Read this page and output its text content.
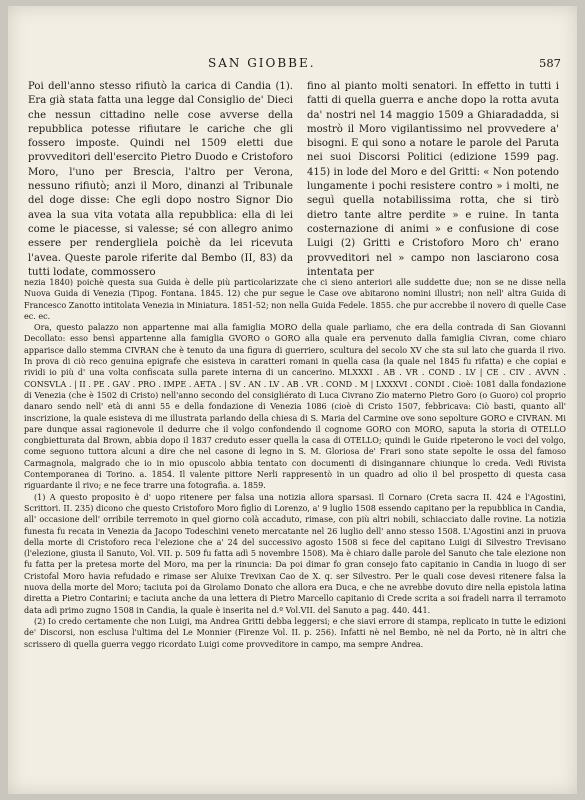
SAN GIOBBE.	587

Poi dell'anno stesso rifiutò la carica di Candia (1). Era già stata fatta una legge dal Consiglio de' Dieci che nessun cittadino nelle cose avverse della repubblica potesse rifiutare le cariche che gli fossero imposte. Quindi nel 1509 eletti due provveditori dell'esercito Pietro Duodo e Cristoforo Moro, l'uno per Brescia, l'altro per Verona, nessuno rifiutò; anzi il Moro, dinanzi al Tribunale del doge disse: Che egli dopo nostro Signor Dio avea la sua vita votata alla repubblica: ella di lei come le piacesse, si valesse; sé con allegro animo essere per rendergliela poichè da lei ricevuta l'avea. Queste parole riferite dal Bembo (II, 83) da tutti lodate, commossero

fino al pianto molti senatori. In effetto in tutti i fatti di quella guerra e anche dopo la rotta avuta da' nostri nel 14 maggio 1509 a Ghiaradadda, si mostrò il Moro vigilantissimo nel provvedere a' bisogni. E qui sono a notare le parole del Paruta nei suoi Discorsi Politici (edizione 1599 pag. 415) in lode del Moro e del Gritti: « Non potendo lungamente i pochi resistere contro » i molti, ne seguì quella notabilissima rotta, che si tirò dietro tante altre perdite » e ruine. In tanta costernazione di animi » e confusione di cose Luigi (2) Gritti e Cristoforo Moro ch' erano provveditori nel » campo non lasciarono cosa intentata per

nezia 1840) poichè questa sua Guida è delle più particolarizzate che ci sieno anteriori alle suddette due; non se ne disse nella Nuova Guida di Venezia (Tipog. Fontana. 1845. 12) che pur segue le Case ove abitarono nomini illustri; non nell' altra Guida di Francesco Zanotto intitolata Venezia in Miniatura. 1851-52; non nella Guida Fedele. 1855. che pur accrebbe il novero di quelle Case ec. ec.

Ora, questo palazzo non appartenne mai alla famiglia MORO della quale parliamo, che era della contrada di San Giovanni Decollato: esso bensì appartenne alla famiglia GVORO o GORO alla quale era pervenuto dalla famiglia Civran, come chiaro apparisce dallo stemma CIVRAN che è tenuto da una figura di guerriero, scultura del secolo XV che sta sul lato che guarda il rivo. In prova di ciò reco genuina epigrafe che esisteva in caratteri romani in quella casa (la quale nel 1845 fu rifatta) e che copiai e rividi io più d' una volta confiscata sulla parete interna di un cancerino. MLXXXI . AB . VR . COND . LV | CE . CIV . AVVN . CONSVLA . | II . PE . GAV . PRO . IMPE . AETA . | SV . AN . LV . AB . VR . COND . M | LXXXVI . CONDI . Cioè: 1081 dalla fondazione di Venezia (che è 1502 di Cristo) nell'anno secondo del consigliérato di Luca Civrano Zio materno Pietro Goro (o Guoro) col proprio danaro sendo nell' età di anni 55 e della fondazione di Venezia 1086 (cioè di Cristo 1507, febbricava: Ciò basti, quanto all' inscrizione, la quale esisteva di me illustrata parlando della chiesa di S. Maria del Carmine ove sono sepolture GORO e CIVRAN. Mi pare dunque assai ragionevole il dedurre che il volgo confondendo il cognome GORO con MORO, saputa la storia di OTELLO congbietturata dal Brown, abbia dopo il 1837 creduto esser quella la casa di OTELLO; quindi le Guide ripeterono le voci del volgo, come seguono tuttora alcuni a dire che nel casone di legno in S. M. Gloriosa de' Frari sono state sepolte le ossa del famoso Carmagnola, malgrado che io in mio opuscolo abbia tentato con documenti di disingannare chiunque lo creda. Vedi Rivista Contemporanea di Torino. a. 1854. Il valente pittore Nerli rappresentò in un quadro ad olio il bel prospetto di questa casa riguardante il rivo; e ne fece trarre una fotografia. a. 1859.

(1) A questo proposito è d' uopo ritenere per falsa una notizia allora sparsasi. Il Cornaro (Creta sacra II. 424 e l'Agostini, Scrittori. II. 235) dicono che questo Cristoforo Moro figlio di Lorenzo, a' 9 luglio 1508 essendo capitano per la repubblica in Candia, all' occasione dell' orribile terremoto in quel giorno colà accaduto, rimase, con più altri nobili, schiacciato dalle rovine. La notizia funesta fu recata in Venezia da Jacopo Todeschini veneto mercatante nel 26 luglio dell' anno stesso 1508. L'Agostini anzi in pruova della morte di Cristoforo reca l'elezione che a' 24 del successivo agosto 1508 si fece del capitano Luigi di Silvestro Trevisano (l'elezione, giusta il Sanuto, Vol. VII. p. 509 fu fatta adì 5 novembre 1508). Ma è chiaro dalle parole del Sanuto che tale elezione non fu fatta per la pretesa morte del Moro, ma per la rinuncia: Da poi dimar fo gran consejo fato capitanio in Candia in luogo di ser Cristofal Moro havia refudado e rimase ser Aluixe Trevixan Cao de X. q. ser Silvestro. Per le quali cose devesi ritenere falsa la nuova della morte del Moro; taciuta poi da Girolamo Donato che allora era Duca, e che ne avrebbe dovuto dire nella epistola latina diretta a Pietro Contarini; e taciuta anche da una lettera di Pietro Marcello capitanio di Crede scrita a soi fradeli narra il terramoto data adì primo zugno 1508 in Candia, la quale è inserita nel d.º Vol.VII. del Sanuto a pag. 440. 441.

(2) Io credo certamente che non Luigi, ma Andrea Gritti debba leggersi; e che siavi errore di stampa, replicato in tutte le edizioni de' Discorsi, non esclusa l'ultima del Le Monnier (Firenze Vol. II. p. 256). Infatti nè nel Bembo, nè nel da Porto, nè in altri che scrissero di quella guerra veggo ricordato Luigi come provveditore in campo, ma sempre Andrea.
